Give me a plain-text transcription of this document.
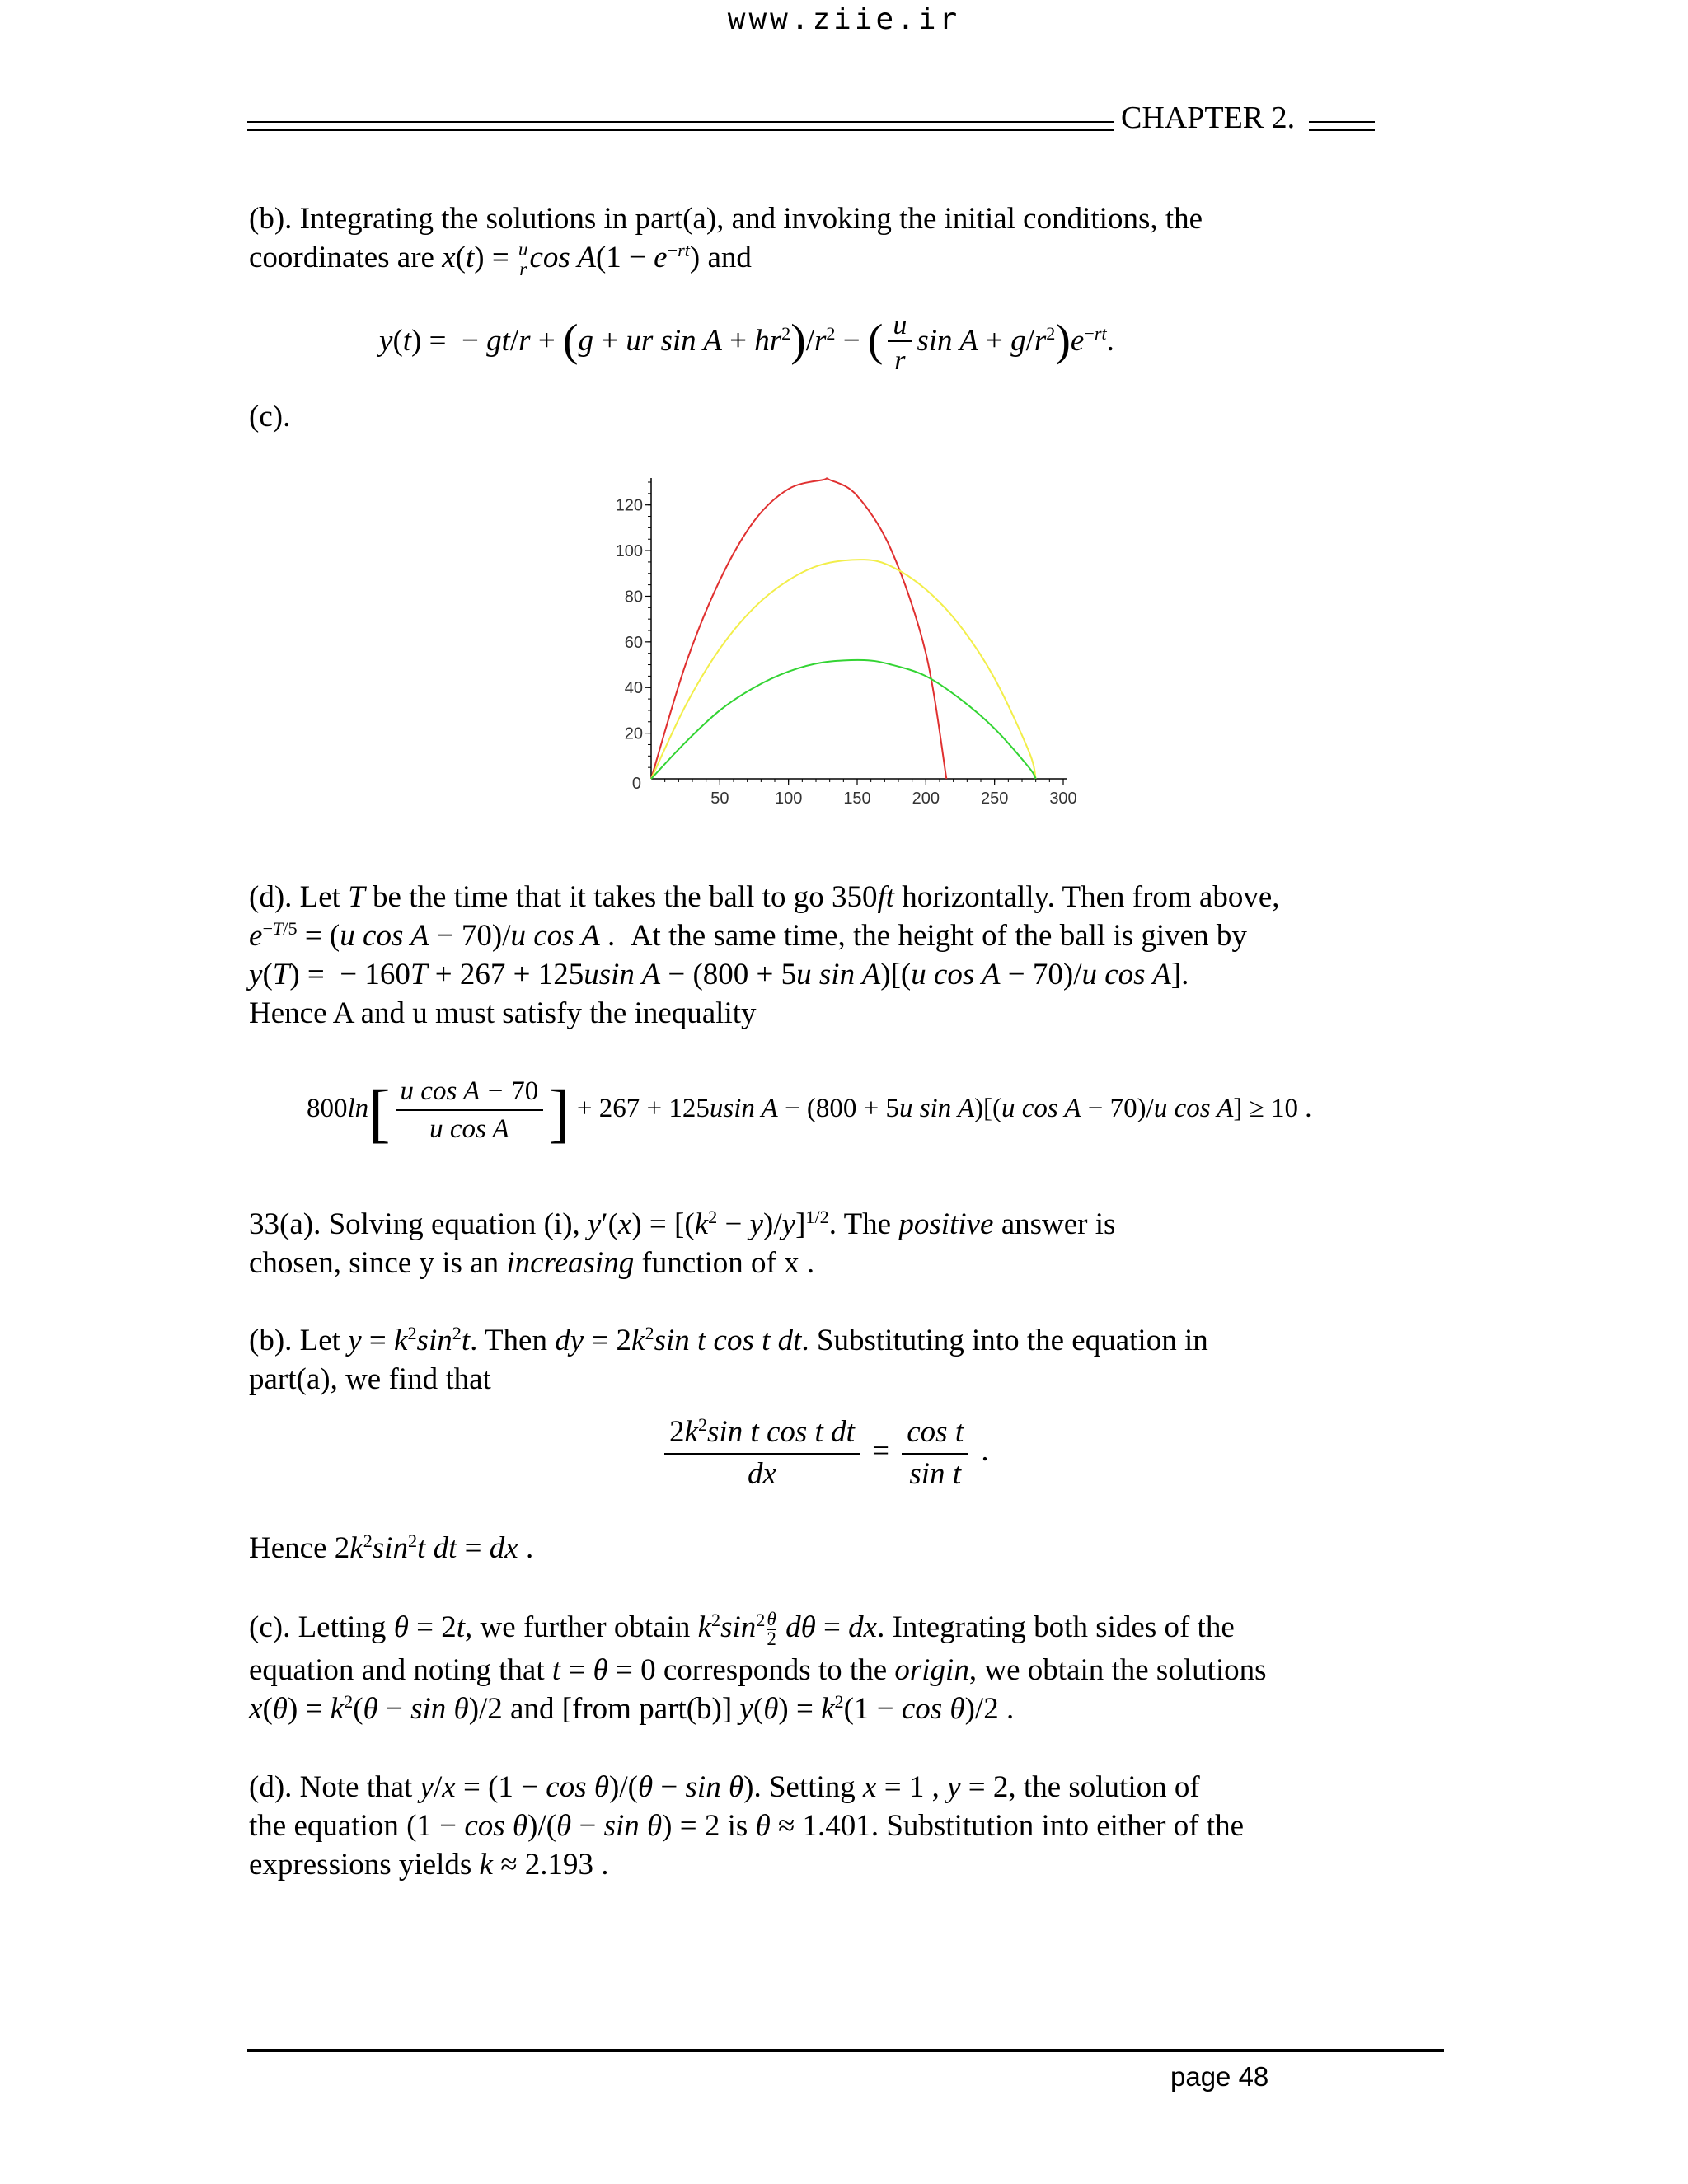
www.ziie.ir
CHAPTER 2.
(b). Integrating the solutions in part(a), and invoking the initial conditions, the
coordinates are $x(t) = \frac{u}{r}$ $\cos A(1 - e^{-rt})$ and
y(t) =  − gt/r + (g + ur $\sin A + hr^2)/r^2$ − ( $\frac{u}{r}$ $\sin A + g/r^2)e^{-rt}$.
(c).
50	100 150 200 250 300
20
40
60
80
100
120
0
(d). Let T be the time that it takes the ball to go 350ft horizontally. Then from above,
$e^{-T/5} = (u$ cos A − 70)/u cos A .  At the same time, the height of the ball is given by
y(T) =  − 160T + 267 + 125usin A − (800 + 5u sin A)[(u cos A − 70)/u cos A].
Hence A and u must satisfy the inequality
$800\ln[ \frac{\text{u cos A − 70}}{\text{u cos A}}$ ] + 267 + 125usin A − (800 + 5u sin A)[(u cos A − 70)/u cos A] ≥ 10 .
33(a). Solving equation (i), $y'(x) = [(k^2 - y)/y]^{1/2}$. The positive answer is
chosen, since y is an increasing function of x .
(b). Let $y = k^2\sin^2t$. Then dy = $2k^2\sin$ t cos t dt. Substituting into the equation in
part(a), we find that
$\frac{2k^2\sin t \cos t dt}{dx} = \frac{\text{cos t}}{\text{sin t}}$ .
Hence $2k^2\sin^2t$ dt = dx .
(c). Letting θ = 2t, we further obtain $k^2\sin^2 \frac{\theta}{2}$ dθ = dx. Integrating both sides of the
equation and noting that t = θ = 0 corresponds to the origin, we obtain the solutions
$x(\theta) = k^2(\theta - \sin \theta)/2$ and [from part(b)] $y(\theta) = k^2(1 - \cos \theta)/2$ .
(d). Note that y/x = (1 − cos θ)/(θ − sin θ). Setting x = 1 , y = 2, the solution of
the equation (1 − cos θ)/(θ − sin θ) = 2 is θ ≈ 1.401. Substitution into either of the
expressions yields k ≈ 2.193 .
page 48
